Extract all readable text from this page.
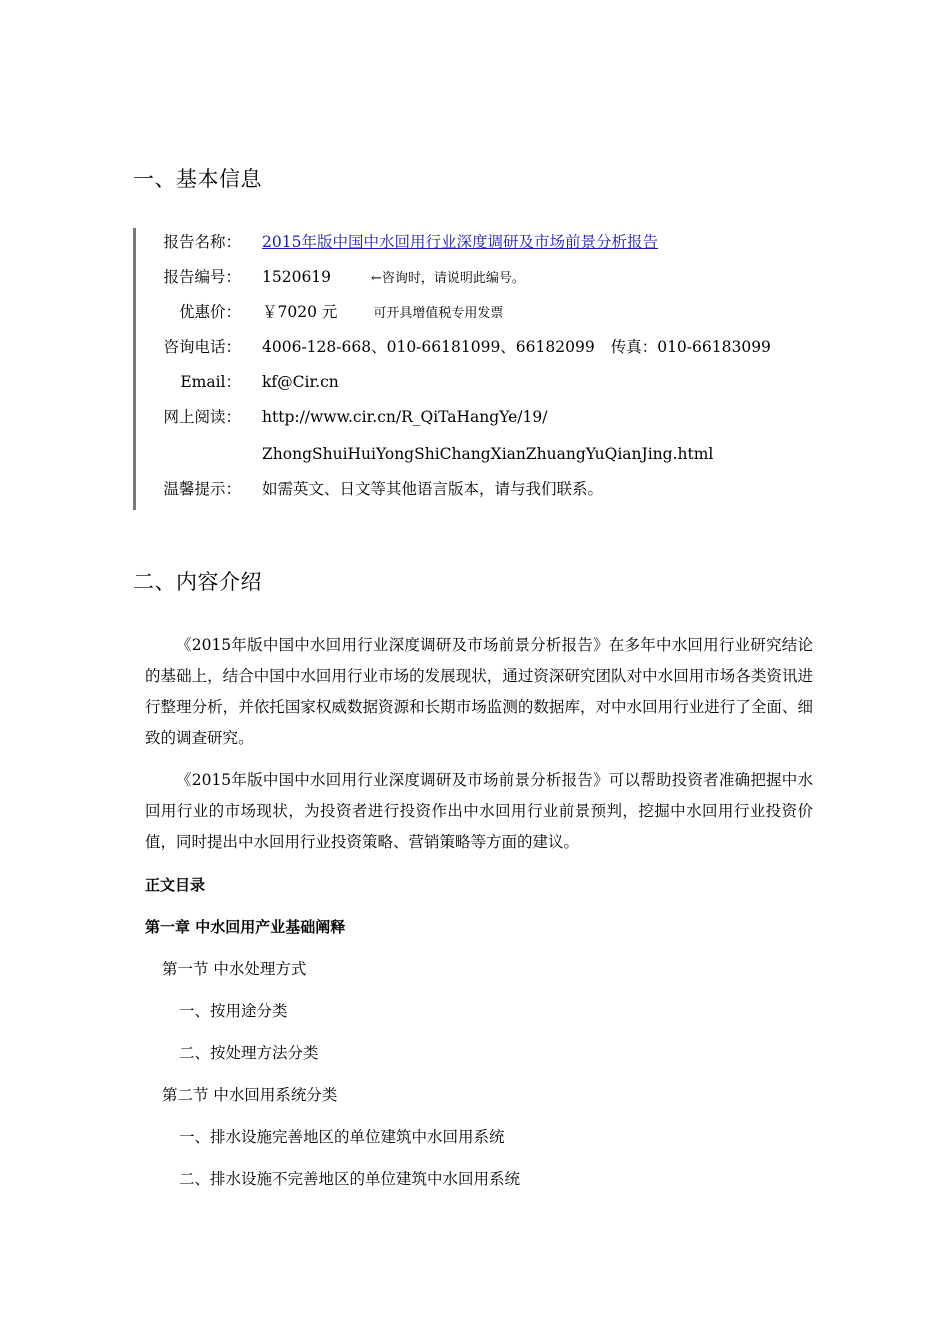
一、基本信息
报告名称： 2015年版中国中水回用行业深度调研及市场前景分析报告
报告编号： 1520619	←咨询时，请说明此编号。
优惠价： ￥7020 元	可开具增值税专用发票
咨询电话： 4006-128-668、010-66181099、66182099 传真：010-66183099
Email： kf@Cir.cn
网上阅读： http://www.cir.cn/R_QiTaHangYe/19/
ZhongShuiHuiYongShiChangXianZhuangYuQianJing.html
温馨提示： 如需英文、日文等其他语言版本，请与我们联系。
二、内容介绍

《2015年版中国中水回用行业深度调研及市场前景分析报告》在多年中水回用行业研究结论的基础上，结合中国中水回用行业市场的发展现状，通过资深研究团队对中水回用市场各类资讯进行整理分析，并依托国家权威数据资源和长期市场监测的数据库，对中水回用行业进行了全面、细致的调查研究。

《2015年版中国中水回用行业深度调研及市场前景分析报告》可以帮助投资者准确把握中水回用行业的市场现状，为投资者进行投资作出中水回用行业前景预判，挖掘中水回用行业投资价值，同时提出中水回用行业投资策略、营销策略等方面的建议。

正文目录
第一章 中水回用产业基础阐释
第一节 中水处理方式
一、按用途分类
二、按处理方法分类
第二节 中水回用系统分类
一、排水设施完善地区的单位建筑中水回用系统
二、排水设施不完善地区的单位建筑中水回用系统
